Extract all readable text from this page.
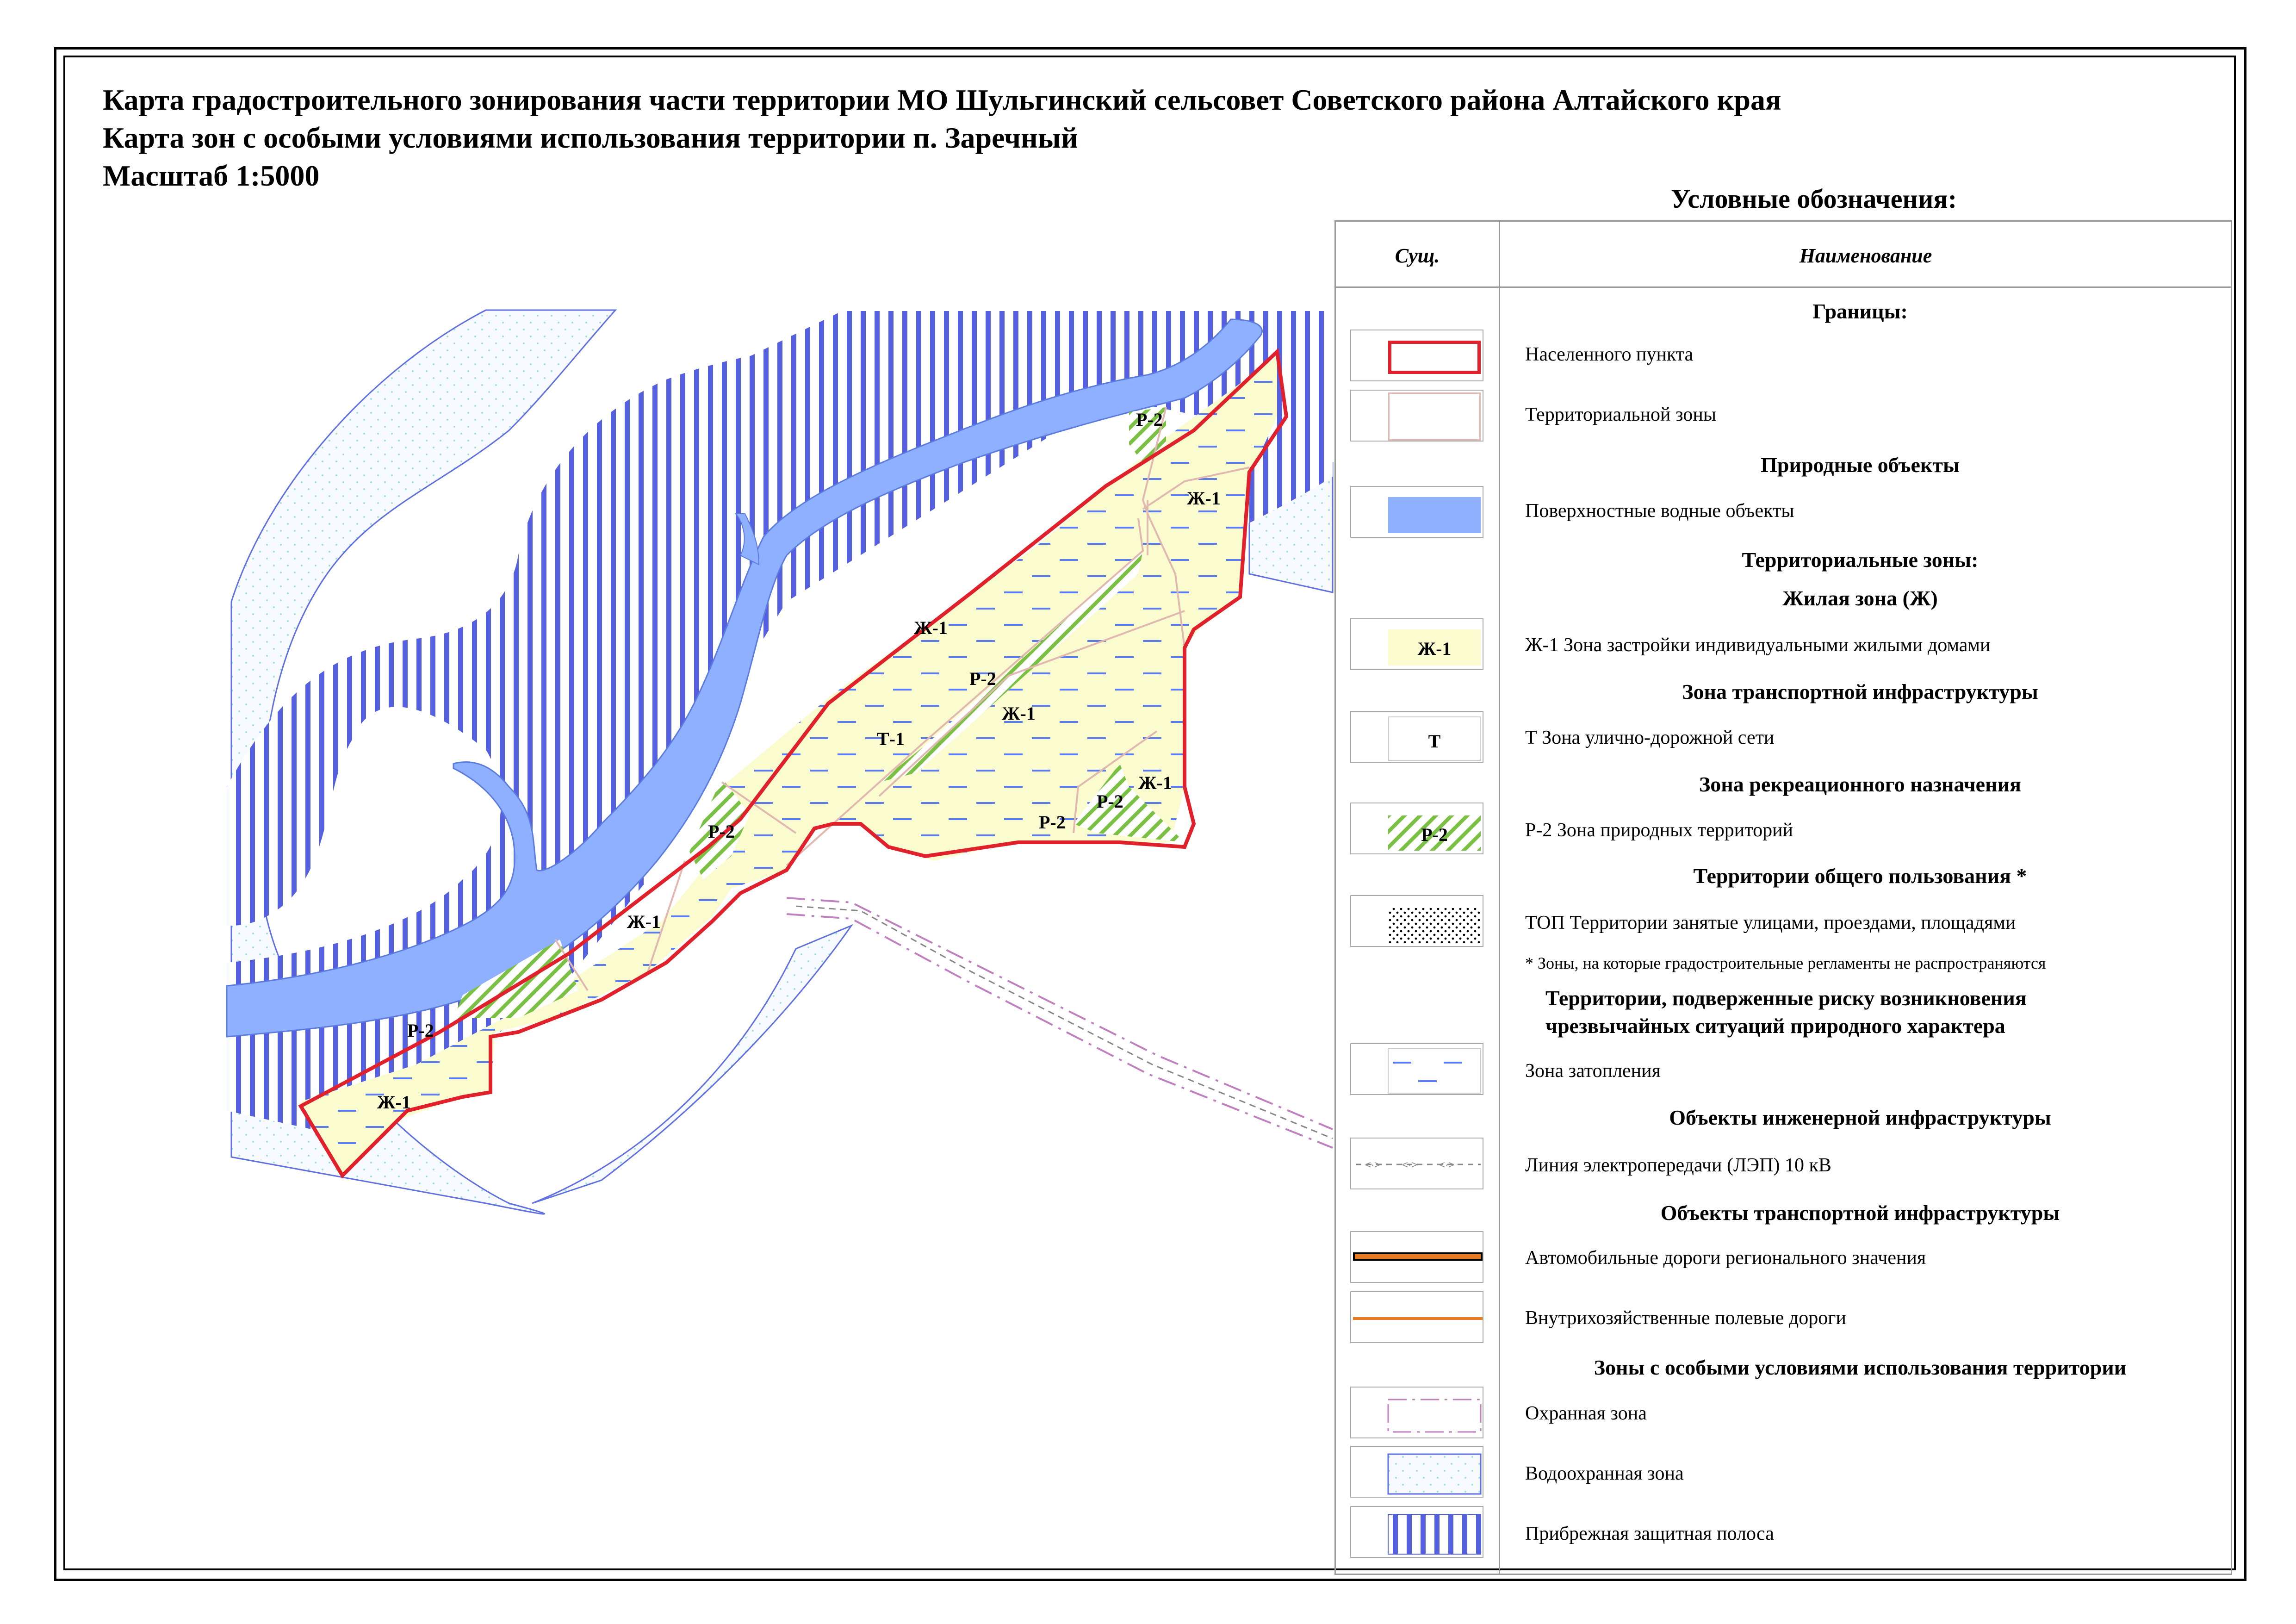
Карта градостроительного зонирования части территории МО Шульгинский сельсовет Советского района Алтайского края
Карта зон с особыми условиями использования территории п. Заречный
Масштаб 1:5000
Р-2
Ж-1
Ж-1
Р-2
Ж-1
Т-1
Ж-1
Р-2
Р-2
Р-2
Ж-1
Р-2
Ж-1
Условные обозначения:
Сущ.	Наименование
Границы:
Населенного пункта
Территориальной зоны
Природные объекты
Поверхностные водные объекты
Территориальные зоны:
Жилая зона (Ж)
Ж-1	Ж-1 Зона застройки индивидуальными жилыми домами
Зона транспортной инфраструктуры
Т	Т Зона улично-дорожной сети
Зона рекреационного назначения
Р-2	Р-2 Зона природных территорий
Территории общего пользования *
ТОП Территории занятые улицами, проездами, площадями
* Зоны, на которые градостроительные регламенты не распространяются
Территории, подверженные риску возникновения
чрезвычайных ситуаций природного характера
Зона затопления
Объекты инженерной инфраструктуры
<·> <·> <·>	Линия электропередачи (ЛЭП) 10 кВ
Объекты транспортной инфраструктуры
Автомобильные дороги регионального значения
Внутрихозяйственные полевые дороги
Зоны с особыми условиями использования территории
Охранная зона
Водоохранная зона
Прибрежная защитная полоса
